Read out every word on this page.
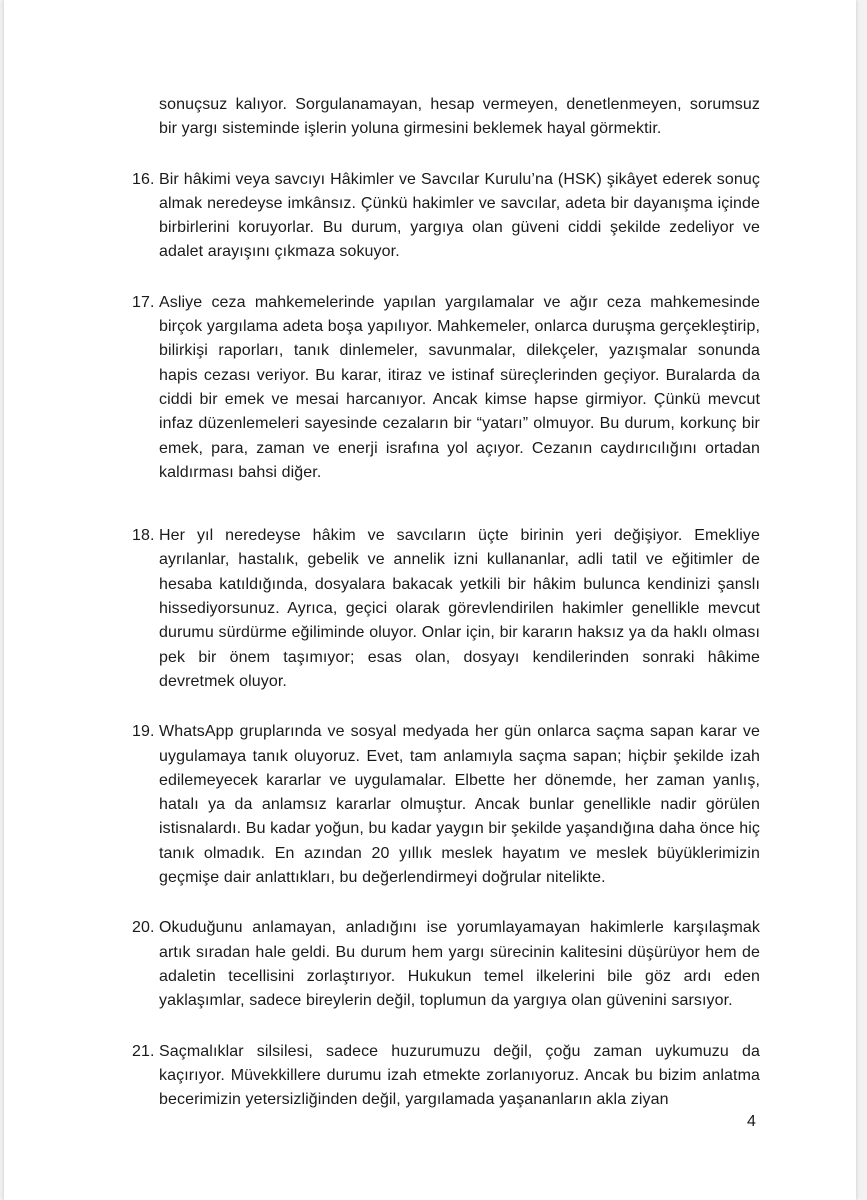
sonuçsuz kalıyor. Sorgulanamayan, hesap vermeyen, denetlenmeyen, sorumsuz bir yargı sisteminde işlerin yoluna girmesini beklemek hayal görmektir.

16. Bir hâkimi veya savcıyı Hâkimler ve Savcılar Kurulu’na (HSK) şikâyet ederek sonuç almak neredeyse imkânsız. Çünkü hakimler ve savcılar, adeta bir dayanışma içinde birbirlerini koruyorlar. Bu durum, yargıya olan güveni ciddi şekilde zedeliyor ve adalet arayışını çıkmaza sokuyor.
17. Asliye ceza mahkemelerinde yapılan yargılamalar ve ağır ceza mahkemesinde birçok yargılama adeta boşa yapılıyor. Mahkemeler, onlarca duruşma gerçekleştirip, bilirkişi raporları, tanık dinlemeler, savunmalar, dilekçeler, yazışmalar sonunda hapis cezası veriyor. Bu karar, itiraz ve istinaf süreçlerinden geçiyor. Buralarda da ciddi bir emek ve mesai harcanıyor. Ancak kimse hapse girmiyor. Çünkü mevcut infaz düzenlemeleri sayesinde cezaların bir “yatarı” olmuyor. Bu durum, korkunç bir emek, para, zaman ve enerji israfına yol açıyor. Cezanın caydırıcılığını ortadan kaldırması bahsi diğer.
18. Her yıl neredeyse hâkim ve savcıların üçte birinin yeri değişiyor. Emekliye ayrılanlar, hastalık, gebelik ve annelik izni kullananlar, adli tatil ve eğitimler de hesaba katıldığında, dosyalara bakacak yetkili bir hâkim bulunca kendinizi şanslı hissediyorsunuz. Ayrıca, geçici olarak görevlendirilen hakimler genellikle mevcut durumu sürdürme eğiliminde oluyor. Onlar için, bir kararın haksız ya da haklı olması pek bir önem taşımıyor; esas olan, dosyayı kendilerinden sonraki hâkime devretmek oluyor.
19. WhatsApp gruplarında ve sosyal medyada her gün onlarca saçma sapan karar ve uygulamaya tanık oluyoruz. Evet, tam anlamıyla saçma sapan; hiçbir şekilde izah edilemeyecek kararlar ve uygulamalar. Elbette her dönemde, her zaman yanlış, hatalı ya da anlamsız kararlar olmuştur. Ancak bunlar genellikle nadir görülen istisnalardı. Bu kadar yoğun, bu kadar yaygın bir şekilde yaşandığına daha önce hiç tanık olmadık. En azından 20 yıllık meslek hayatım ve meslek büyüklerimizin geçmişe dair anlattıkları, bu değerlendirmeyi doğrular nitelikte.
20. Okuduğunu anlamayan, anladığını ise yorumlayamayan hakimlerle karşılaşmak artık sıradan hale geldi. Bu durum hem yargı sürecinin kalitesini düşürüyor hem de adaletin tecellisini zorlaştırıyor. Hukukun temel ilkelerini bile göz ardı eden yaklaşımlar, sadece bireylerin değil, toplumun da yargıya olan güvenini sarsıyor.
21. Saçmalıklar silsilesi, sadece huzurumuzu değil, çoğu zaman uykumuzu da kaçırıyor. Müvekkillere durumu izah etmekte zorlanıyoruz. Ancak bu bizim anlatma becerimizin yetersizliğinden değil, yargılamada yaşananların akla ziyan
4
